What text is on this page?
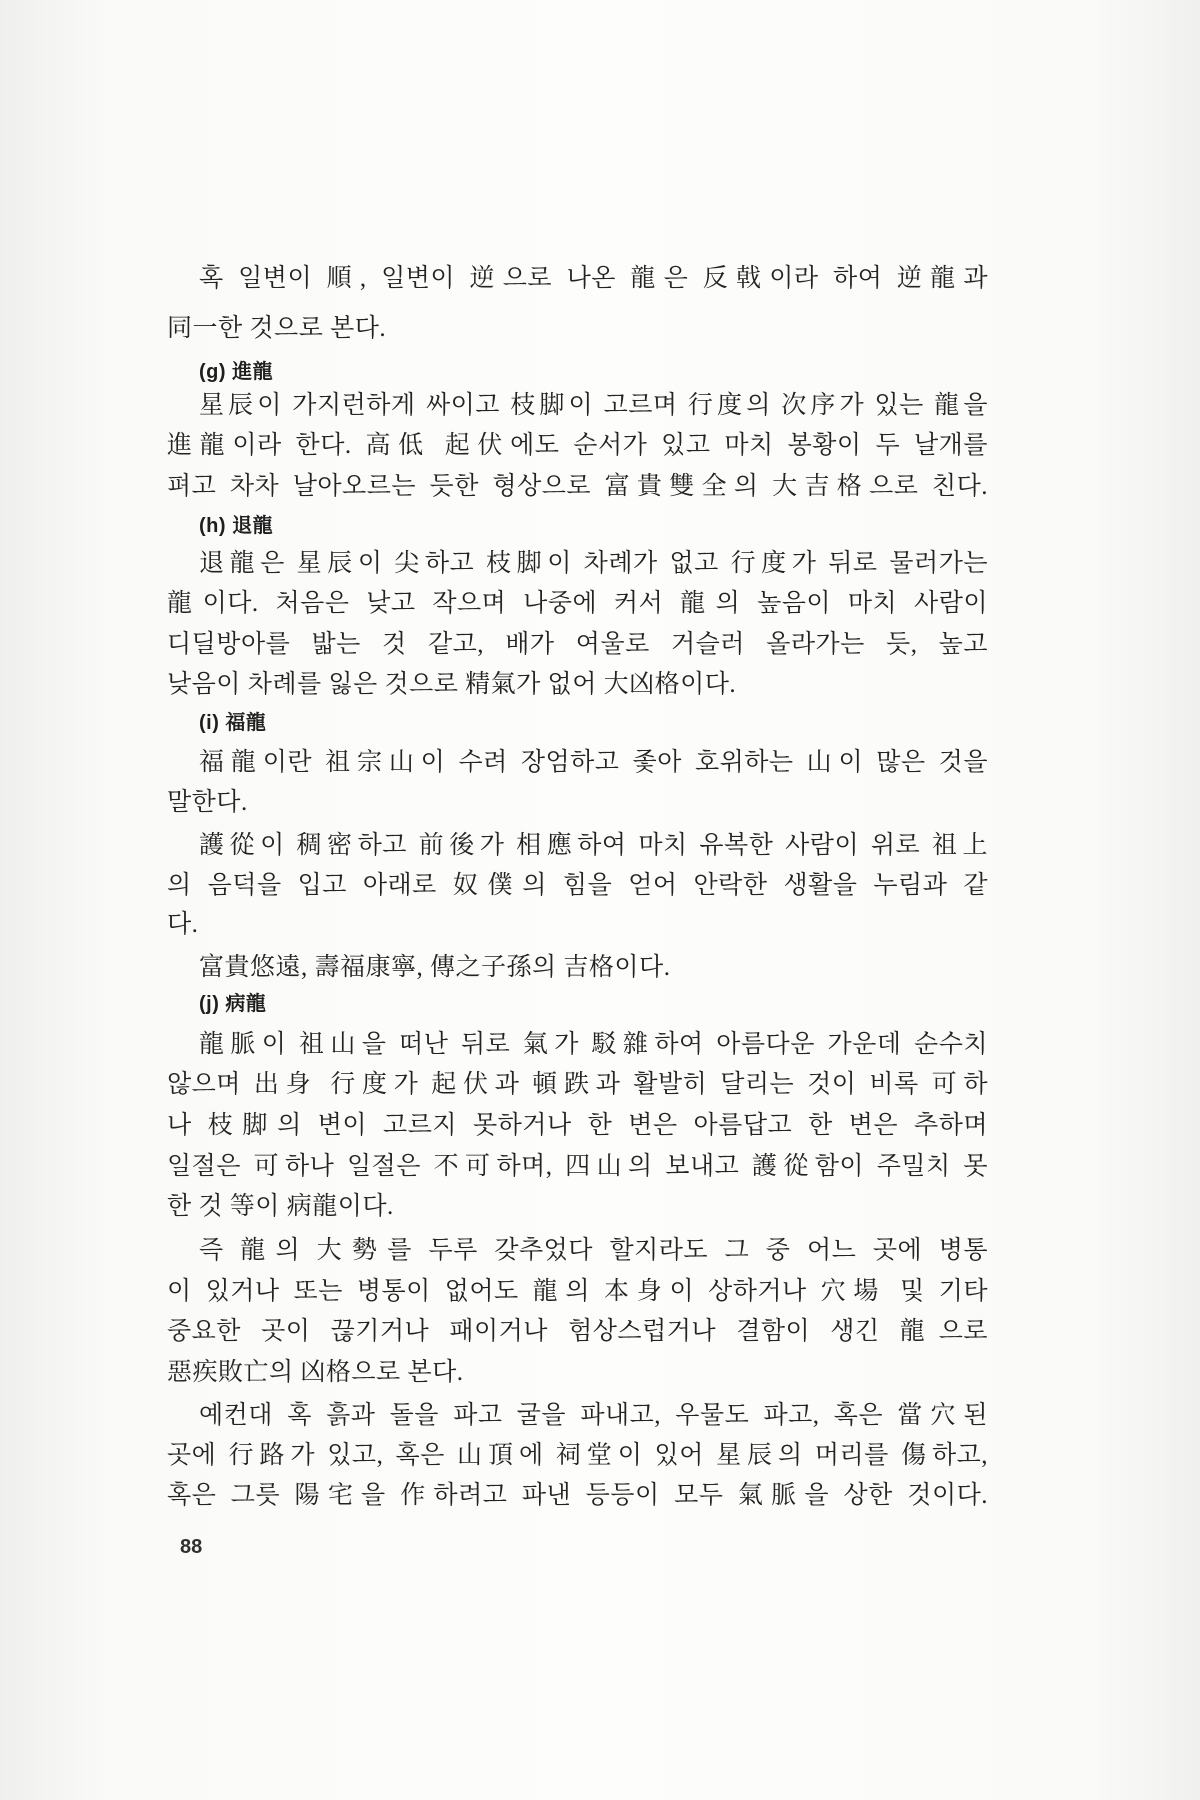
혹 일변이 順, 일변이 逆으로 나온 龍은 反戟이라 하여 逆龍과
同一한 것으로 본다.
(g) 進龍
星辰이 가지런하게 싸이고 枝脚이 고르며 行度의 次序가 있는 龍을
進龍이라 한다. 高低 起伏에도 순서가 있고 마치 봉황이 두 날개를
펴고 차차 날아오르는 듯한 형상으로 富貴雙全의 大吉格으로 친다.
(h) 退龍
退龍은 星辰이 尖하고 枝脚이 차례가 없고 行度가 뒤로 물러가는
龍이다. 처음은 낮고 작으며 나중에 커서 龍의 높음이 마치 사람이
디딜방아를 밟는 것 같고, 배가 여울로 거슬러 올라가는 듯, 높고
낮음이 차례를 잃은 것으로 精氣가 없어 大凶格이다.
(i) 福龍
福龍이란 祖宗山이 수려 장엄하고 좇아 호위하는 山이 많은 것을
말한다.
護從이 稠密하고 前後가 相應하여 마치 유복한 사람이 위로 祖上
의 음덕을 입고 아래로 奴僕의 힘을 얻어 안락한 생활을 누림과 같
다.
富貴悠遠, 壽福康寧, 傳之子孫의 吉格이다.
(j) 病龍
龍脈이 祖山을 떠난 뒤로 氣가 駁雜하여 아름다운 가운데 순수치
않으며 出身 行度가 起伏과 頓跌과 활발히 달리는 것이 비록 可하
나 枝脚의 변이 고르지 못하거나 한 변은 아름답고 한 변은 추하며
일절은 可하나 일절은 不可하며, 四山의 보내고 護從함이 주밀치 못
한 것 等이 病龍이다.
즉 龍의 大勢를 두루 갖추었다 할지라도 그 중 어느 곳에 병통
이 있거나 또는 병통이 없어도 龍의 本身이 상하거나 穴場 및 기타
중요한 곳이 끊기거나 패이거나 험상스럽거나 결함이 생긴 龍으로
惡疾敗亡의 凶格으로 본다.
예컨대 혹 흙과 돌을 파고 굴을 파내고, 우물도 파고, 혹은 當穴된
곳에 行路가 있고, 혹은 山頂에 祠堂이 있어 星辰의 머리를 傷하고,
혹은 그릇 陽宅을 作하려고 파낸 등등이 모두 氣脈을 상한 것이다.
88
